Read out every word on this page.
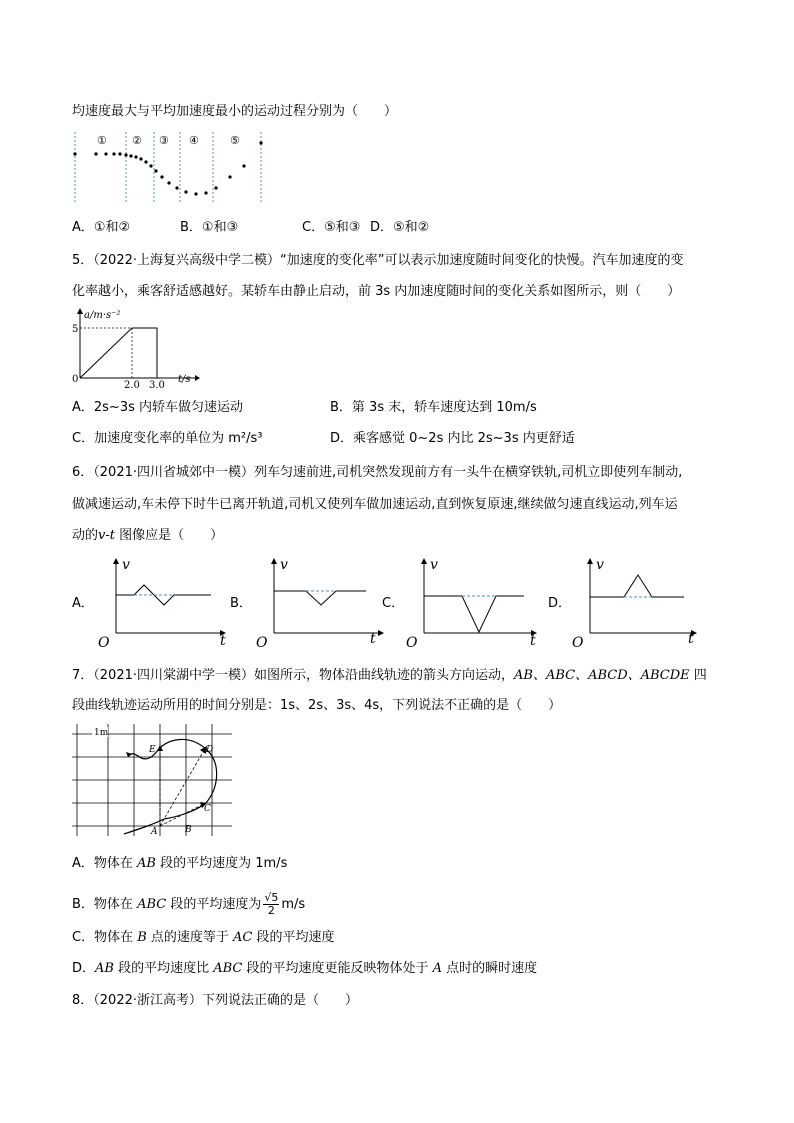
均速度最大与平均加速度最小的运动过程分别为（　　）
① ② ③ ④	⑤
A．①和②	B．①和③	C．⑤和③ D．⑤和②
5．（2022·上海复兴高级中学二模）“加速度的变化率”可以表示加速度随时间变化的快慢。汽车加速度的变
化率越小，乘客舒适感越好。某轿车由静止启动，前 3s 内加速度随时间的变化关系如图所示，则（　　）
a/m·s⁻²
5
0
2.0 3.0
t/s
A．2s~3s 内轿车做匀速运动	B．第 3s 末，轿车速度达到 10m/s
C．加速度变化率的单位为 m²/s³	D．乘客感觉 0~2s 内比 2s~3s 内更舒适
6．（2021·四川省城郊中一模）列车匀速前进,司机突然发现前方有一头牛在横穿铁轨,司机立即使列车制动,
做减速运动,车未停下时牛已离开轨道,司机又使列车做加速运动,直到恢复原速,继续做匀速直线运动,列车运
动的v-t 图像应是（　　）
A．
v
t
O
B．
v
t
O
C．
v
t
O
D．
v
t
O
7．（2021·四川棠湖中学一模）如图所示，物体沿曲线轨迹的箭头方向运动，AB、ABC、ABCD、ABCDE 四
段曲线轨迹运动所用的时间分别是：1s、2s、3s、4s，下列说法不正确的是（　　）
1m
A	B
C
D
E
A．物体在 AB 段的平均速度为 1m/s
B．物体在 ABC 段的平均速度为 $\frac{√5}{2} m/s$
C．物体在 B 点的速度等于 AC 段的平均速度
D．AB 段的平均速度比 ABC 段的平均速度更能反映物体处于 A 点时的瞬时速度
8．（2022·浙江高考）下列说法正确的是（　　）
